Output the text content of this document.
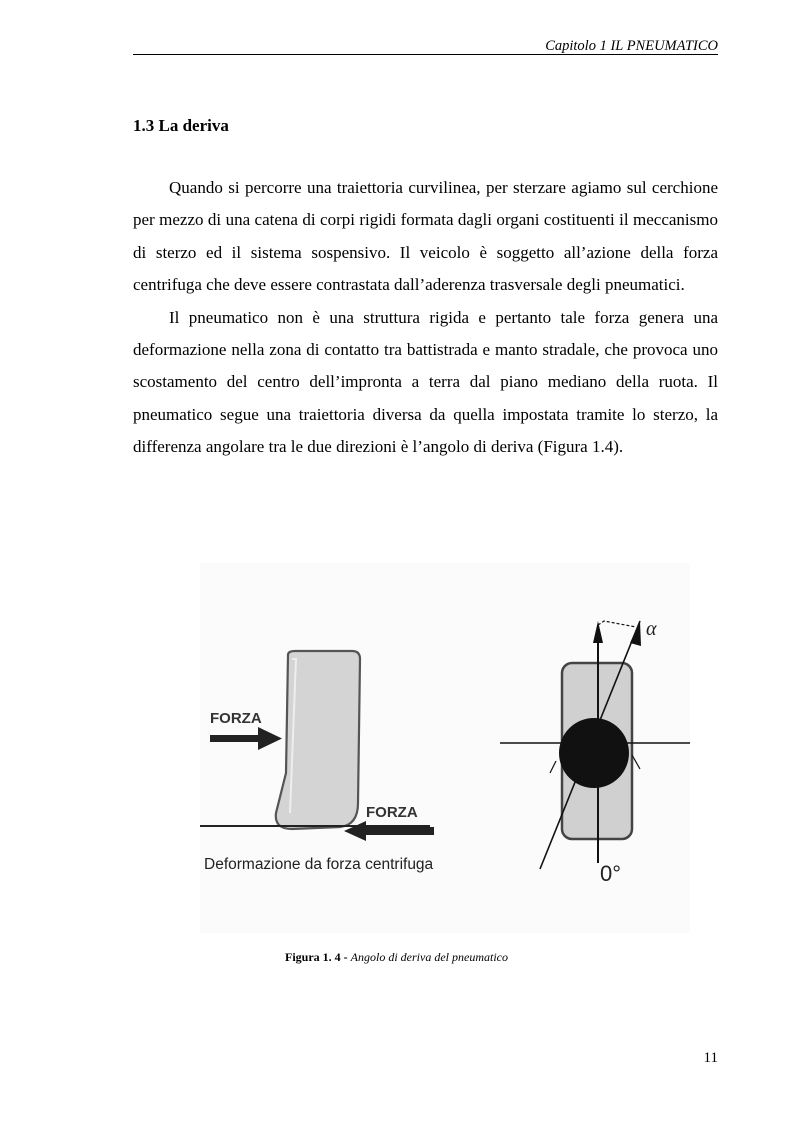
Capitolo 1 IL PNEUMATICO
1.3 La deriva

Quando si percorre una traiettoria curvilinea, per sterzare agiamo sul cerchione per mezzo di una catena di corpi rigidi formata dagli organi costituenti il meccanismo di sterzo ed il sistema sospensivo. Il veicolo è soggetto all’azione della forza centrifuga che deve essere contrastata dall’aderenza trasversale degli pneumatici.

Il pneumatico non è una struttura rigida e pertanto tale forza genera una deformazione nella zona di contatto tra battistrada e manto stradale, che provoca uno scostamento del centro dell’impronta a terra dal piano mediano della ruota. Il pneumatico segue una traiettoria diversa da quella impostata tramite lo sterzo, la differenza angolare tra le due direzioni è l’angolo di deriva (Figura 1.4).

FORZA
FORZA
Deformazione da forza centrifuga
α
0°
Figura 1. 4 - Angolo di deriva del pneumatico
11
